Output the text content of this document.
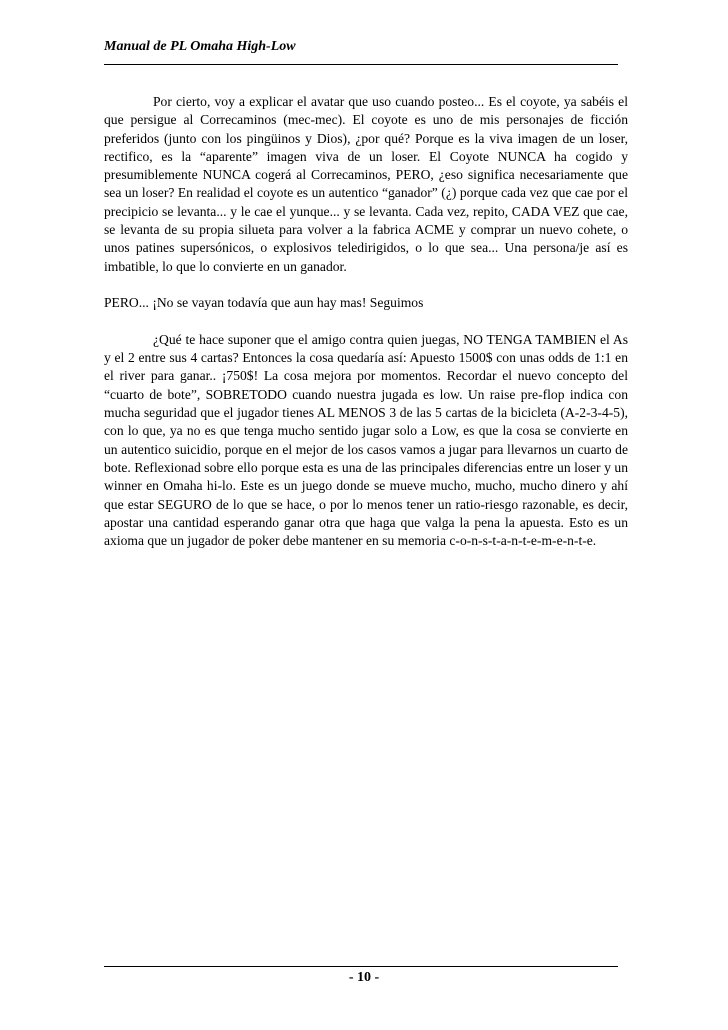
Manual de PL Omaha High-Low

Por cierto, voy a explicar el avatar que uso cuando posteo... Es el coyote, ya sabéis el que persigue al Correcaminos (mec-mec). El coyote es uno de mis personajes de ficción preferidos (junto con los pingüinos y Dios), ¿por qué? Porque es la viva imagen de un loser, rectifico, es la “aparente” imagen viva de un loser. El Coyote NUNCA ha cogido y presumiblemente NUNCA cogerá al Correcaminos, PERO, ¿eso significa necesariamente que sea un loser? En realidad el coyote es un autentico “ganador” (¿) porque cada vez que cae por el precipicio se levanta... y le cae el yunque... y se levanta. Cada vez, repito, CADA VEZ que cae, se levanta de su propia silueta para volver a la fabrica ACME y comprar un nuevo cohete, o unos patines supersónicos, o explosivos teledirigidos, o lo que sea... Una persona/je así es imbatible, lo que lo convierte en un ganador.

PERO... ¡No se vayan todavía que aun hay mas! Seguimos

¿Qué te hace suponer que el amigo contra quien juegas, NO TENGA TAMBIEN el As y el 2 entre sus 4 cartas? Entonces la cosa quedaría así: Apuesto 1500$ con unas odds de 1:1 en el river para ganar.. ¡750$! La cosa mejora por momentos. Recordar el nuevo concepto del “cuarto de bote”, SOBRETODO cuando nuestra jugada es low. Un raise pre-flop indica con mucha seguridad que el jugador tienes AL MENOS 3 de las 5 cartas de la bicicleta (A-2-3-4-5), con lo que, ya no es que tenga mucho sentido jugar solo a Low, es que la cosa se convierte en un autentico suicidio, porque en el mejor de los casos vamos a jugar para llevarnos un cuarto de bote. Reflexionad sobre ello porque esta es una de las principales diferencias entre un loser y un winner en Omaha hi-lo. Este es un juego donde se mueve mucho, mucho, mucho dinero y ahí que estar SEGURO de lo que se hace, o por lo menos tener un ratio-riesgo razonable, es decir, apostar una cantidad esperando ganar otra que haga que valga la pena la apuesta. Esto es un axioma que un jugador de poker debe mantener en su memoria c-o-n-s-t-a-n-t-e-m-e-n-t-e.

- 10 -
